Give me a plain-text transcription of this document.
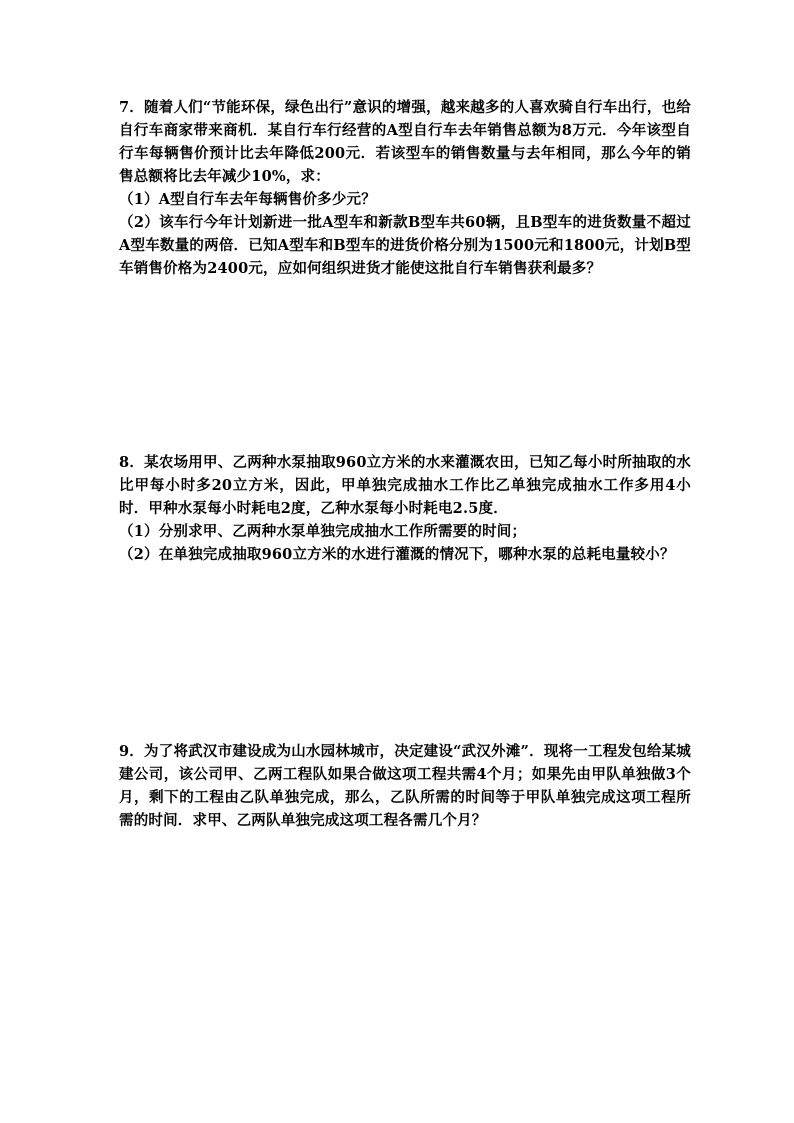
7．随着人们“节能环保，绿色出行”意识的增强，越来越多的人喜欢骑自行车出行，也给自行车商家带来商机．某自行车行经营的A型自行车去年销售总额为8万元．今年该型自行车每辆售价预计比去年降低200元．若该型车的销售数量与去年相同，那么今年的销售总额将比去年减少10%，求：

（1）A型自行车去年每辆售价多少元？

（2）该车行今年计划新进一批A型车和新款B型车共60辆，且B型车的进货数量不超过A型车数量的两倍．已知A型车和B型车的进货价格分别为1500元和1800元，计划B型车销售价格为2400元，应如何组织进货才能使这批自行车销售获利最多？

8．某农场用甲、乙两种水泵抽取960立方米的水来灌溉农田，已知乙每小时所抽取的水比甲每小时多20立方米，因此，甲单独完成抽水工作比乙单独完成抽水工作多用4小时．甲种水泵每小时耗电2度，乙种水泵每小时耗电2.5度．

（1）分别求甲、乙两种水泵单独完成抽水工作所需要的时间；

（2）在单独完成抽取960立方米的水进行灌溉的情况下，哪种水泵的总耗电量较小？

9．为了将武汉市建设成为山水园林城市，决定建设“武汉外滩”．现将一工程发包给某城建公司，该公司甲、乙两工程队如果合做这项工程共需4个月；如果先由甲队单独做3个月，剩下的工程由乙队单独完成，那么，乙队所需的时间等于甲队单独完成这项工程所需的时间．求甲、乙两队单独完成这项工程各需几个月？
